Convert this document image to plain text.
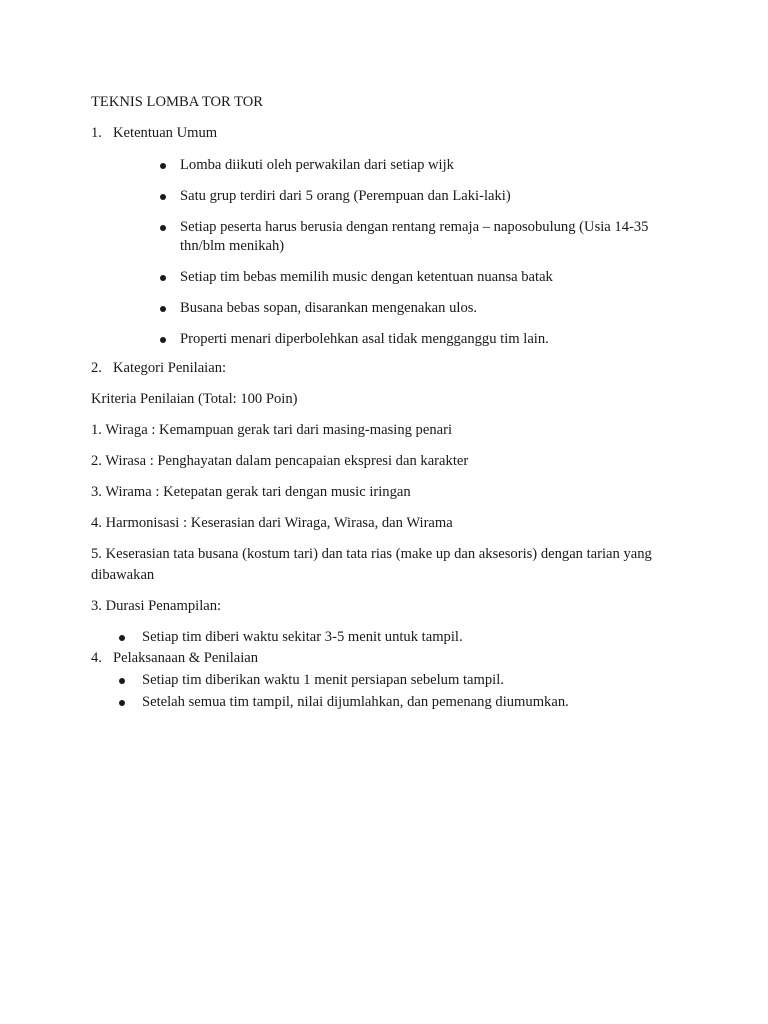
TEKNIS LOMBA TOR TOR
1. Ketentuan Umum
Lomba diikuti oleh perwakilan dari setiap wijk
Satu grup terdiri dari 5 orang (Perempuan dan Laki-laki)
Setiap peserta harus berusia dengan rentang remaja – naposobulung (Usia 14-35
thn/blm menikah)
Setiap tim bebas memilih music dengan ketentuan nuansa batak
Busana bebas sopan, disarankan mengenakan ulos.
Properti menari diperbolehkan asal tidak mengganggu tim lain.
2. Kategori Penilaian:
Kriteria Penilaian (Total: 100 Poin)
1. Wiraga : Kemampuan gerak tari dari masing-masing penari
2. Wirasa : Penghayatan dalam pencapaian ekspresi dan karakter
3. Wirama : Ketepatan gerak tari dengan music iringan
4. Harmonisasi : Keserasian dari Wiraga, Wirasa, dan Wirama
5. Keserasian tata busana (kostum tari) dan tata rias (make up dan aksesoris) dengan tarian yang
dibawakan
3. Durasi Penampilan:
Setiap tim diberi waktu sekitar 3-5 menit untuk tampil.
4. Pelaksanaan & Penilaian
Setiap tim diberikan waktu 1 menit persiapan sebelum tampil.
Setelah semua tim tampil, nilai dijumlahkan, dan pemenang diumumkan.
